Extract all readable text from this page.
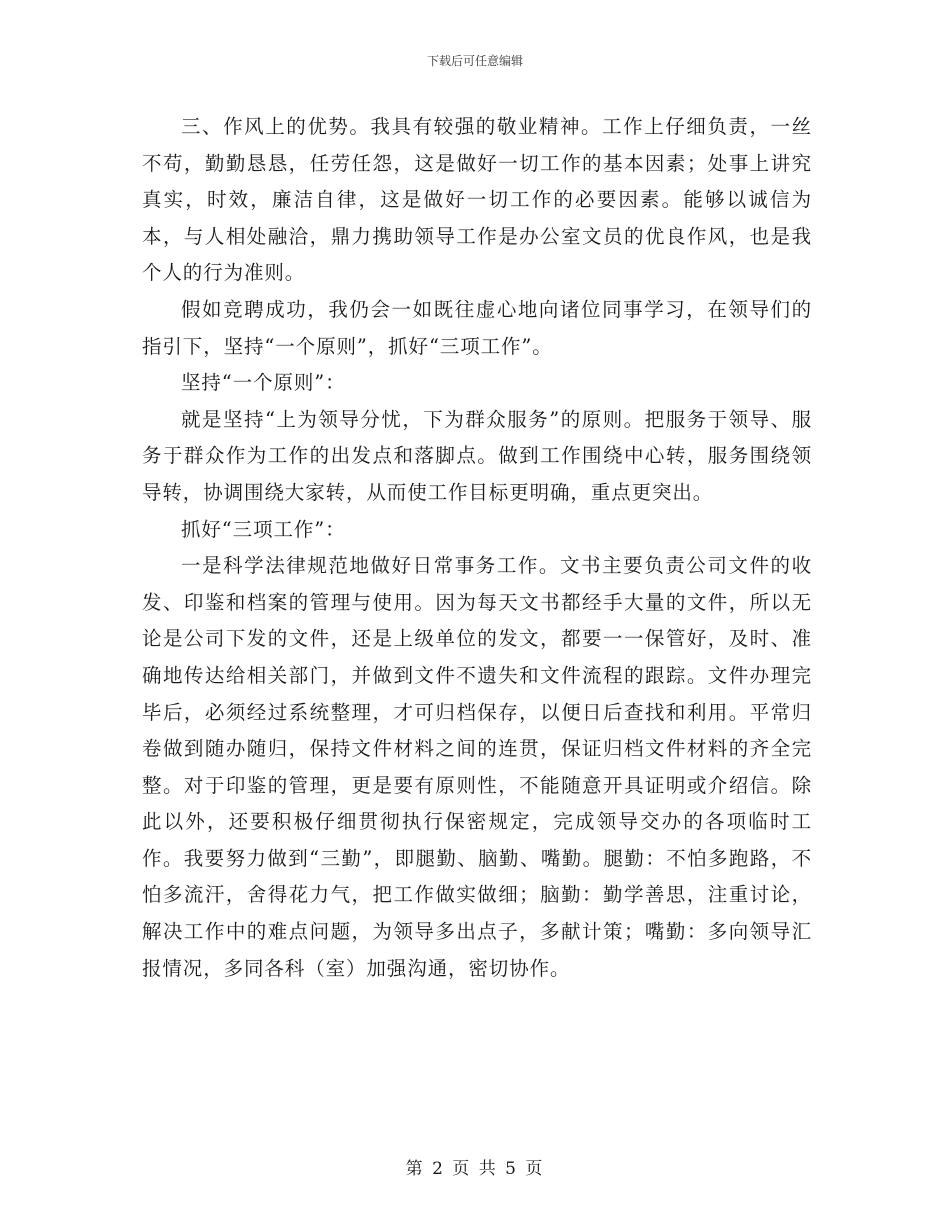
下载后可任意编辑

三、作风上的优势。我具有较强的敬业精神。工作上仔细负责，一丝不苟，勤勤恳恳，任劳任怨，这是做好一切工作的基本因素；处事上讲究真实，时效，廉洁自律，这是做好一切工作的必要因素。能够以诚信为本，与人相处融洽，鼎力携助领导工作是办公室文员的优良作风，也是我个人的行为准则。

假如竞聘成功，我仍会一如既往虚心地向诸位同事学习，在领导们的指引下，坚持“一个原则”，抓好“三项工作”。

坚持“一个原则”：

就是坚持“上为领导分忧，下为群众服务”的原则。把服务于领导、服务于群众作为工作的出发点和落脚点。做到工作围绕中心转，服务围绕领导转，协调围绕大家转，从而使工作目标更明确，重点更突出。

抓好“三项工作”：

一是科学法律规范地做好日常事务工作。文书主要负责公司文件的收发、印鉴和档案的管理与使用。因为每天文书都经手大量的文件，所以无论是公司下发的文件，还是上级单位的发文，都要一一保管好，及时、准确地传达给相关部门，并做到文件不遗失和文件流程的跟踪。文件办理完毕后，必须经过系统整理，才可归档保存，以便日后查找和利用。平常归卷做到随办随归，保持文件材料之间的连贯，保证归档文件材料的齐全完整。对于印鉴的管理，更是要有原则性，不能随意开具证明或介绍信。除此以外，还要积极仔细贯彻执行保密规定，完成领导交办的各项临时工作。我要努力做到“三勤”，即腿勤、脑勤、嘴勤。腿勤：不怕多跑路，不怕多流汗，舍得花力气，把工作做实做细；脑勤：勤学善思，注重讨论，解决工作中的难点问题，为领导多出点子，多献计策；嘴勤：多向领导汇报情况，多同各科（室）加强沟通，密切协作。

第 2 页 共 5 页
